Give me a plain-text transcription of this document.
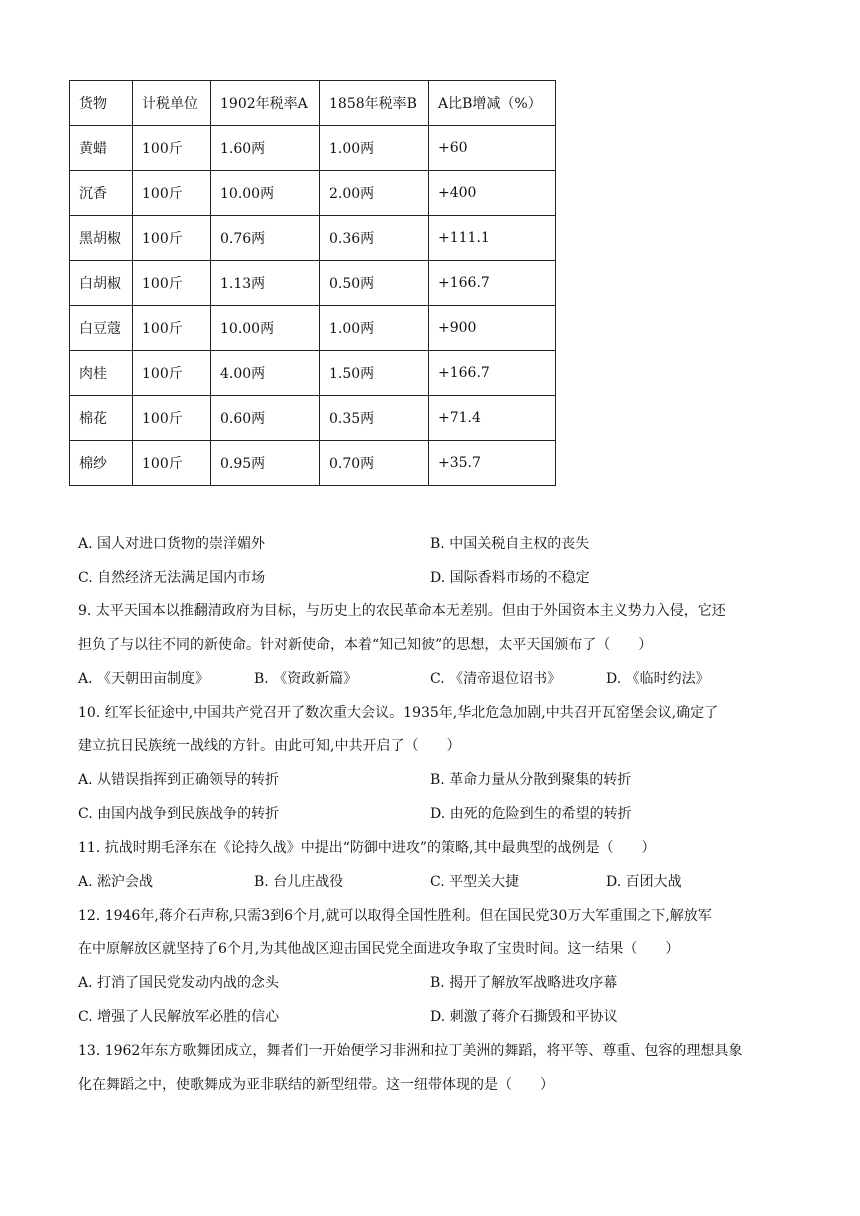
货物	计税单位	1902年税率A	1858年税率B	A比B增减（%）
黄蜡	100斤	1.60两	1.00两	+60
沉香	100斤	10.00两	2.00两	+400
黑胡椒	100斤	0.76两	0.36两	+111.1
白胡椒	100斤	1.13两	0.50两	+166.7
白豆蔻	100斤	10.00两	1.00两	+900
肉桂	100斤	4.00两	1.50两	+166.7
棉花	100斤	0.60两	0.35两	+71.4
棉纱	100斤	0.95两	0.70两	+35.7
A. 国人对进口货物的崇洋媚外	B. 中国关税自主权的丧失
C. 自然经济无法满足国内市场	D. 国际香料市场的不稳定
9. 太平天国本以推翻清政府为目标，与历史上的农民革命本无差别。但由于外国资本主义势力入侵，它还
担负了与以往不同的新使命。针对新使命，本着“知己知彼”的思想，太平天国颁布了（　　）
A. 《天朝田亩制度》	B. 《资政新篇》	C. 《清帝退位诏书》	D. 《临时约法》
10. 红军长征途中,中国共产党召开了数次重大会议。1935年,华北危急加剧,中共召开瓦窑堡会议,确定了
建立抗日民族统一战线的方针。由此可知,中共开启了（　　）
A. 从错误指挥到正确领导的转折	B. 革命力量从分散到聚集的转折
C. 由国内战争到民族战争的转折	D. 由死的危险到生的希望的转折
11. 抗战时期毛泽东在《论持久战》中提出“防御中进攻”的策略,其中最典型的战例是（　　）
A. 淞沪会战	B. 台儿庄战役	C. 平型关大捷	D. 百团大战
12. 1946年,蒋介石声称,只需3到6个月,就可以取得全国性胜利。但在国民党30万大军重围之下,解放军
在中原解放区就坚持了6个月,为其他战区迎击国民党全面进攻争取了宝贵时间。这一结果（　　）
A. 打消了国民党发动内战的念头	B. 揭开了解放军战略进攻序幕
C. 增强了人民解放军必胜的信心	D. 刺激了蒋介石撕毁和平协议
13. 1962年东方歌舞团成立，舞者们一开始便学习非洲和拉丁美洲的舞蹈，将平等、尊重、包容的理想具象
化在舞蹈之中，使歌舞成为亚非联结的新型纽带。这一纽带体现的是（　　）
